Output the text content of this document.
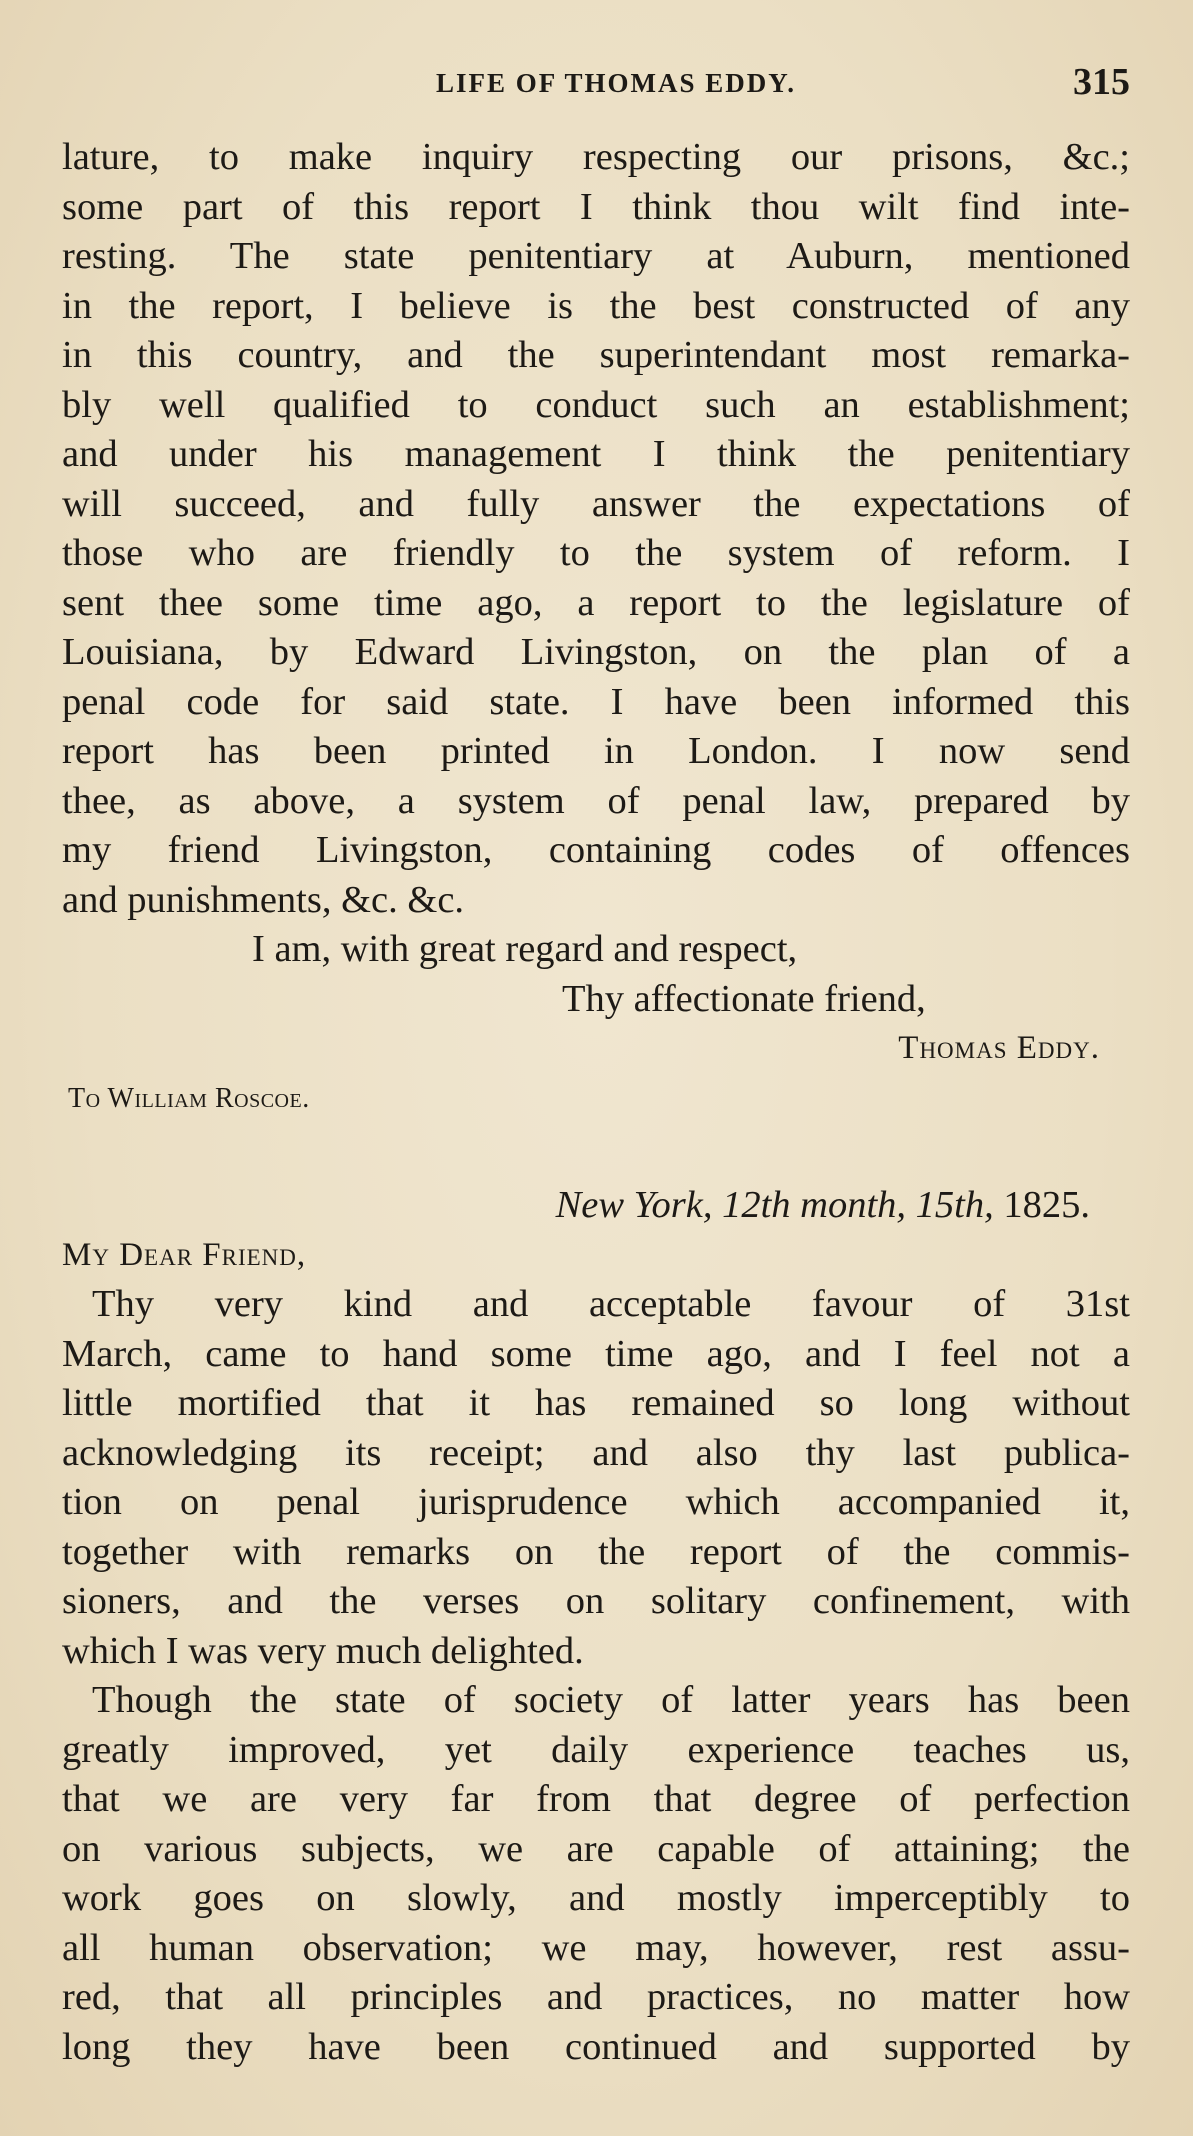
LIFE OF THOMAS EDDY.	315
lature, to make inquiry respecting our prisons, &c.;
some part of this report I think thou wilt find inte-
resting. The state penitentiary at Auburn, mentioned
in the report, I believe is the best constructed of any
in this country, and the superintendant most remarka-
bly well qualified to conduct such an establishment;
and under his management I think the penitentiary
will succeed, and fully answer the expectations of
those who are friendly to the system of reform. I
sent thee some time ago, a report to the legislature of
Louisiana, by Edward Livingston, on the plan of a
penal code for said state. I have been informed this
report has been printed in London. I now send
thee, as above, a system of penal law, prepared by
my friend Livingston, containing codes of offences
and punishments, &c. &c.
I am, with great regard and respect,
Thy affectionate friend,
Thomas Eddy.
To William Roscoe.
New York, 12th month, 15th, 1825.
My Dear Friend,
Thy very kind and acceptable favour of 31st
March, came to hand some time ago, and I feel not a
little mortified that it has remained so long without
acknowledging its receipt; and also thy last publica-
tion on penal jurisprudence which accompanied it,
together with remarks on the report of the commis-
sioners, and the verses on solitary confinement, with
which I was very much delighted.
Though the state of society of latter years has been
greatly improved, yet daily experience teaches us,
that we are very far from that degree of perfection
on various subjects, we are capable of attaining; the
work goes on slowly, and mostly imperceptibly to
all human observation; we may, however, rest assu-
red, that all principles and practices, no matter how
long they have been continued and supported by
